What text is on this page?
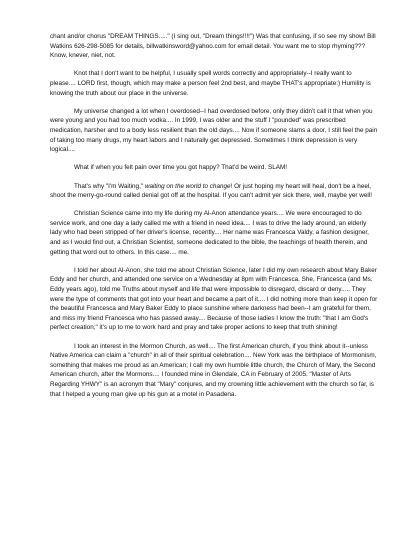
chant and/or chorus "DREAM THINGS....." (I sing out, "Dream things!!!!") Was that confusing, if so see my show! Bill Watkins 626-298-5085 for details, billwatkinsword@yahoo.com for email detail. You want me to stop rhyming??? Know, knever, niet, not.

Knot that I don't want to be helpful, I usually spell words correctly and appropriately--I really want to please.... LORD first, though, which may make a person feel 2nd best, and maybe THAT's appropriate:) Humility is knowing the truth about our place in the universe.

My universe changed a lot when I overdosed--I had overdosed before, only they didn't call it that when you were young and you had too much vodka.... In 1999, I was older and the stuff I "pounded" was prescribed medication, harsher and to a body less resilient than the old days.... Now if someone slams a door, I still feel the pain of taking too many drugs, my heart labors and I naturally get depressed. Sometimes I think depression is very logical....

What if when you felt pain over time you got happy? That'd be weird. SLAM!

That's why "I'm Waiting," waiting on the world to change! Or just hoping my heart will heal, don't be a heel, shoot the merry-go-round called denial got off at the hospital. If you can't admit yer sick there, well, maybe yer well!

Christian Science came into my life during my Al-Anon attendance years.... We were encouraged to do service work, and one day a lady called me with a friend in need idea.... I was to drive the lady around, an elderly lady who had been stripped of her driver's license, recently.... Her name was Francesca Valdy, a fashion designer, and as I would find out, a Christian Scientist, someone dedicated to the bible, the teachings of health therein, and getting that word out to others. In this case.... me.

I told her about Al-Anon, she told me about Christian Science, later I did my own research about Mary Baker Eddy and her church, and attended one service on a Wednesday at 8pm with Francesca. She, Francesca (and Ms. Eddy years ago), told me Truths about myself and life that were impossible to disregard, discard or deny..... They were the type of comments that got into your heart and became a part of it.... I did nothing more than keep it open for the beautiful Francesca and Mary Baker Eddy to place sunshine where darkness had been--I am grateful for them, and miss my friend Francesca who has passed away.... Because of those ladies I know the truth: "that I am God's perfect creation;" it's up to me to work hard and pray and take proper actions to keep that truth shining!

I took an interest in the Mormon Church, as well.... The first American church, if you think about it--unless Native America can claim a "church" in all of their spiritual celebration.... New York was the birthplace of Mormonism, something that makes me proud as an American; I call my own humble little church, the Church of Mary, the Second American church, after the Mormons.... I founded mine in Glendale, CA in February of 2005. "Master of Arts Regarding YHWY" is an acronym that "Mary" conjures, and my crowning little achievement with the church so far, is that I helped a young man give up his gun at a motel in Pasadena.
